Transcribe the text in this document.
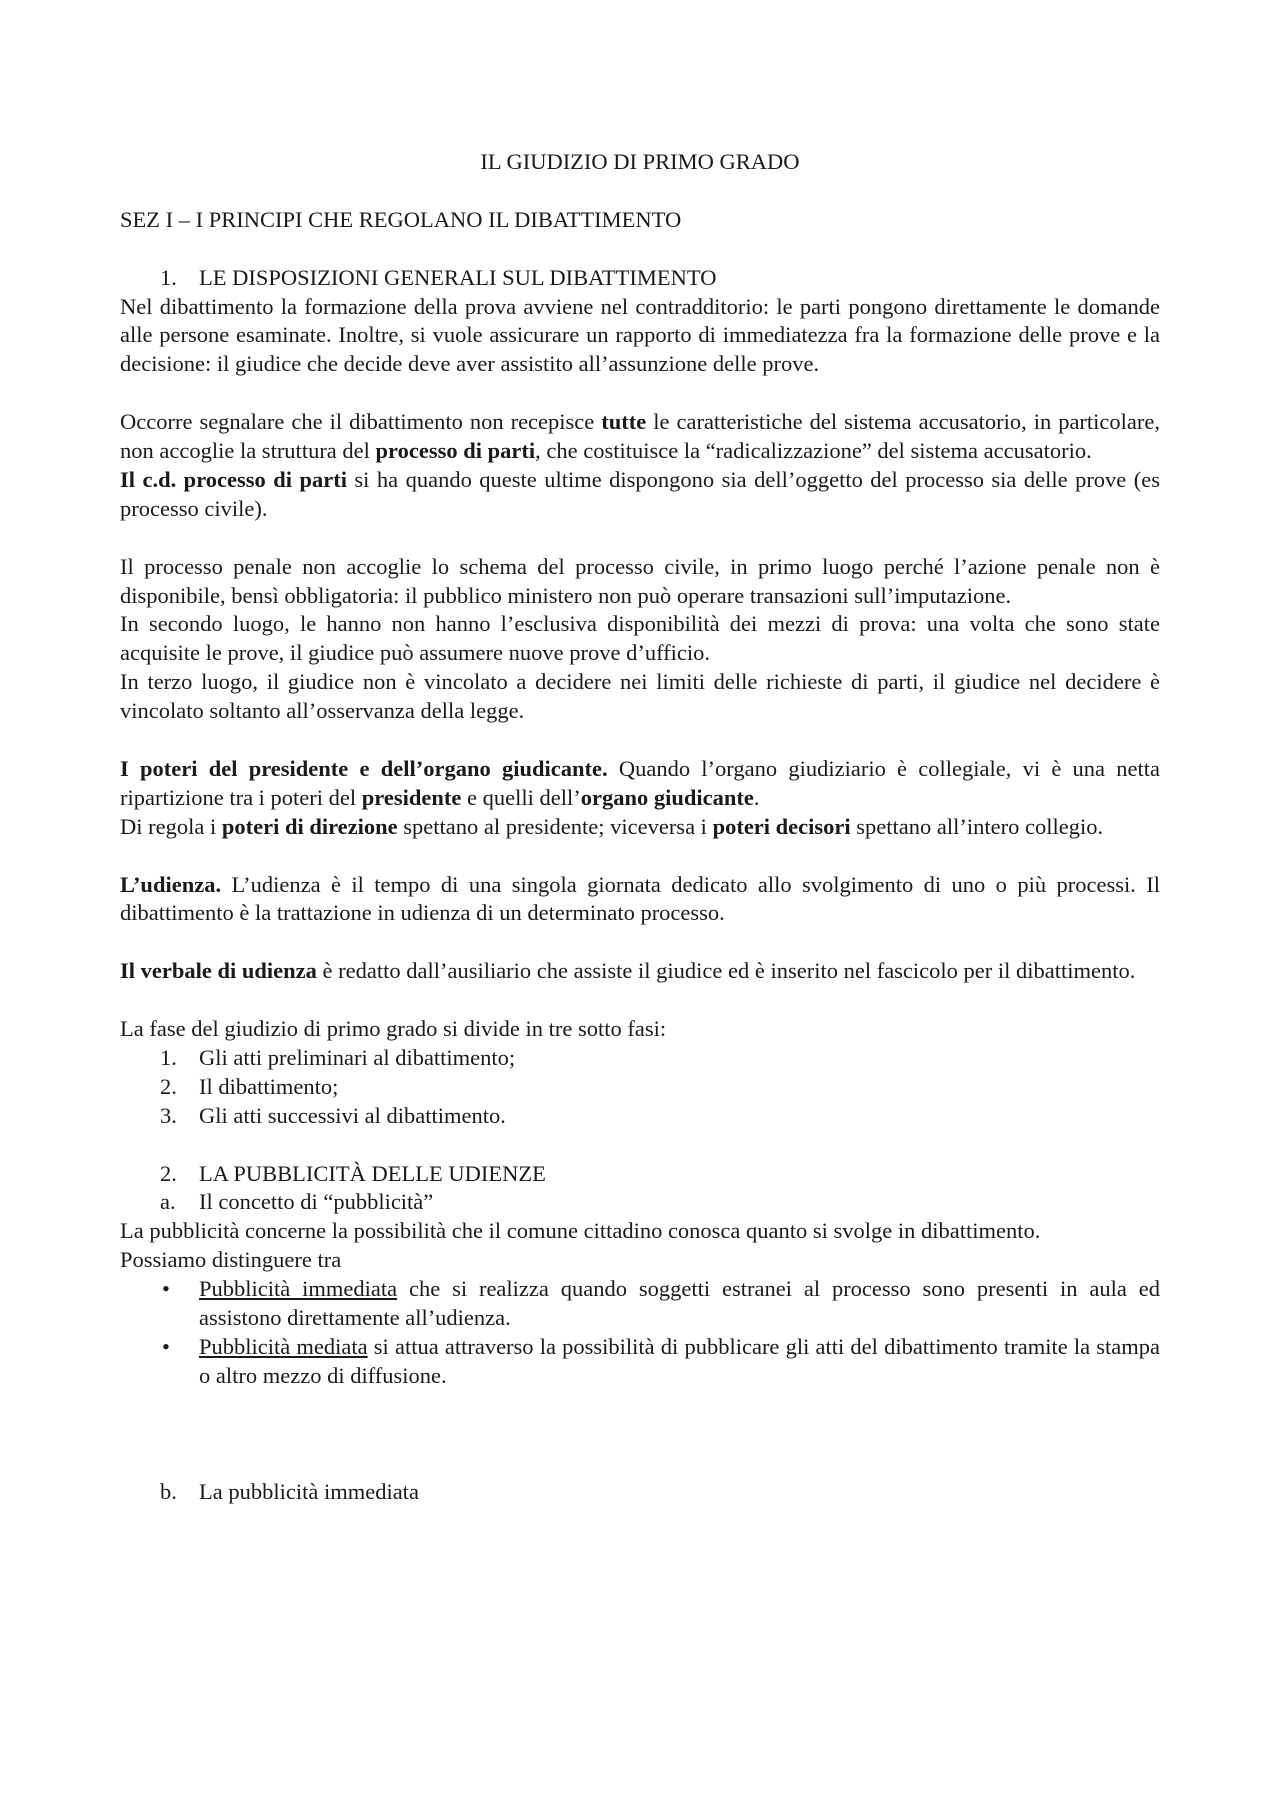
IL GIUDIZIO DI PRIMO GRADO

SEZ I – I PRINCIPI CHE REGOLANO IL DIBATTIMENTO

1. LE DISPOSIZIONI GENERALI SUL DIBATTIMENTO

Nel dibattimento la formazione della prova avviene nel contradditorio: le parti pongono direttamente le domande alle persone esaminate. Inoltre, si vuole assicurare un rapporto di immediatezza fra la formazione delle prove e la decisione: il giudice che decide deve aver assistito all’assunzione delle prove.

Occorre segnalare che il dibattimento non recepisce tutte le caratteristiche del sistema accusatorio, in particolare, non accoglie la struttura del processo di parti, che costituisce la “radicalizzazione” del sistema accusatorio.

Il c.d. processo di parti si ha quando queste ultime dispongono sia dell’oggetto del processo sia delle prove (es processo civile).

Il processo penale non accoglie lo schema del processo civile, in primo luogo perché l’azione penale non è disponibile, bensì obbligatoria: il pubblico ministero non può operare transazioni sull’imputazione.

In secondo luogo, le hanno non hanno l’esclusiva disponibilità dei mezzi di prova: una volta che sono state acquisite le prove, il giudice può assumere nuove prove d’ufficio.

In terzo luogo, il giudice non è vincolato a decidere nei limiti delle richieste di parti, il giudice nel decidere è vincolato soltanto all’osservanza della legge.

I poteri del presidente e dell’organo giudicante. Quando l’organo giudiziario è collegiale, vi è una netta ripartizione tra i poteri del presidente e quelli dell’organo giudicante.

Di regola i poteri di direzione spettano al presidente; viceversa i poteri decisori spettano all’intero collegio.

L’udienza. L’udienza è il tempo di una singola giornata dedicato allo svolgimento di uno o più processi. Il dibattimento è la trattazione in udienza di un determinato processo.

Il verbale di udienza è redatto dall’ausiliario che assiste il giudice ed è inserito nel fascicolo per il dibattimento.

La fase del giudizio di primo grado si divide in tre sotto fasi:

1. Gli atti preliminari al dibattimento;

2. Il dibattimento;

3. Gli atti successivi al dibattimento.

2. LA PUBBLICITÀ DELLE UDIENZE

a. Il concetto di “pubblicità”

La pubblicità concerne la possibilità che il comune cittadino conosca quanto si svolge in dibattimento.

Possiamo distinguere tra

• Pubblicità immediata che si realizza quando soggetti estranei al processo sono presenti in aula ed assistono direttamente all’udienza.

• Pubblicità mediata si attua attraverso la possibilità di pubblicare gli atti del dibattimento tramite la stampa o altro mezzo di diffusione.

b. La pubblicità immediata
